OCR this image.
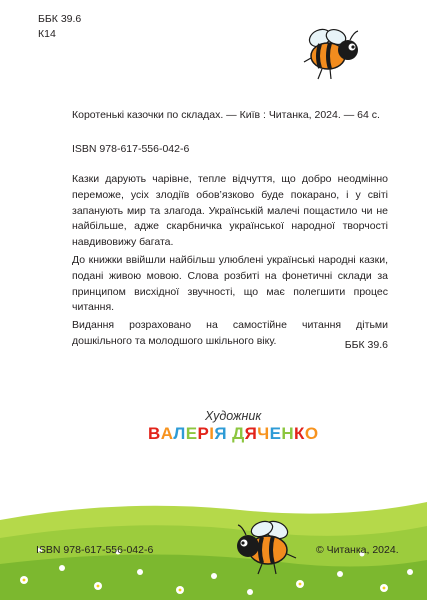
ББК 39.6
К14
Коротенькі казочки по складах. — Київ : Читанка, 2024. — 64 с.
ISBN 978-617-556-042-6

Казки дарують чарівне, тепле відчуття, що добро неодмінно переможе, усіх злодіїв обов’язково буде покарано, і у світі запанують мир та злагода. Українській малечі пощастило чи не найбільше, адже скарбничка української народної творчості навдивовижу багата.

До книжки ввійшли найбільш улюблені українські народні казки, подані живою мовою. Слова розбиті на фонетичні склади за принципом висхідної звучності, що має полегшити процес читання.

Видання розраховано на самостійне читання дітьми дошкільного та молодшого шкільного віку.	ББК 39.6
Художник
ВАЛЕРІЯ ДЯЧЕНКО
ISBN 978-617-556-042-6	© Читанка, 2024.
